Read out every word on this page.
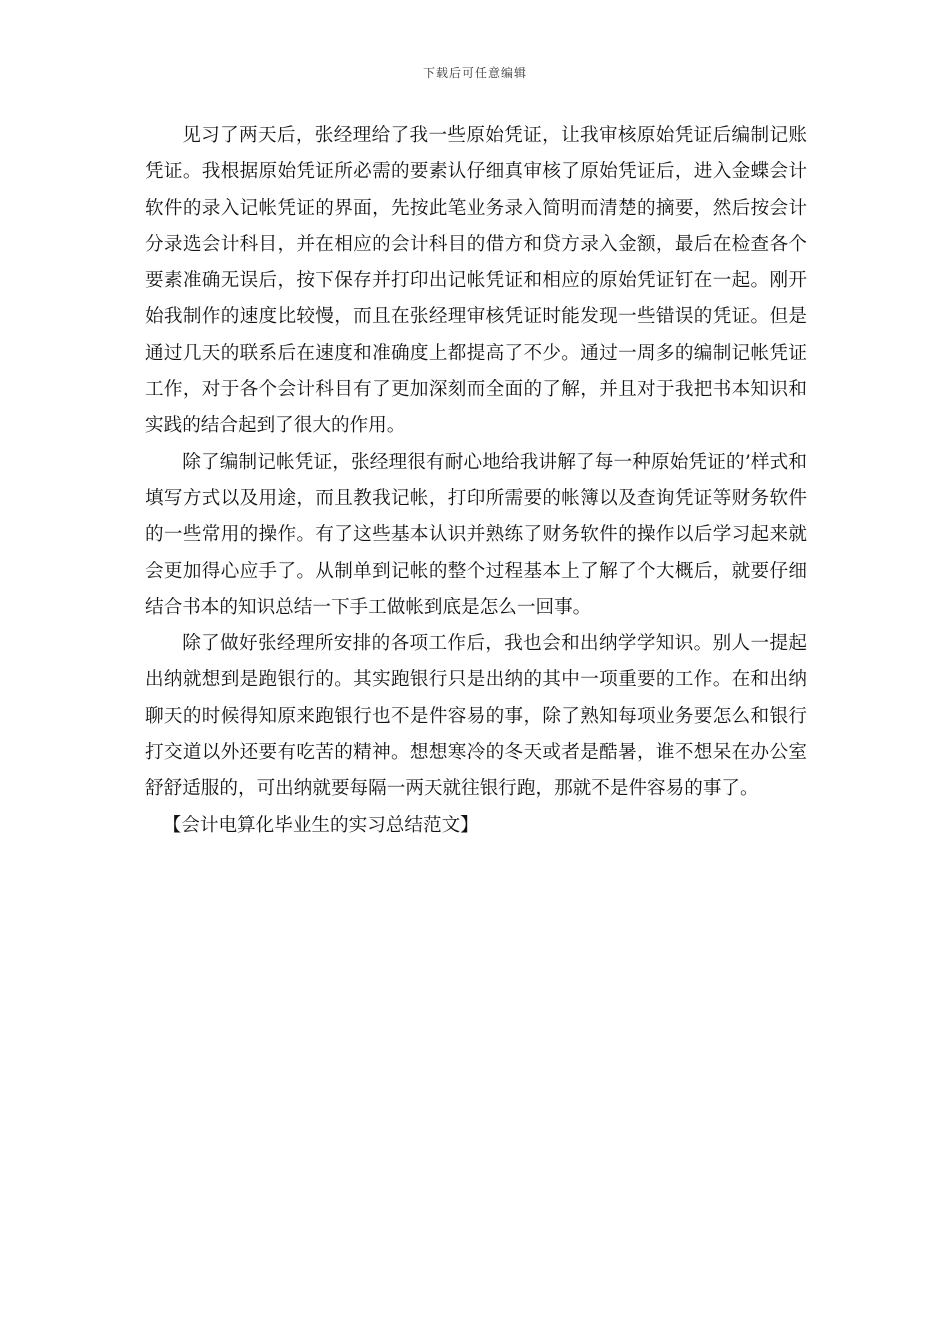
下载后可任意编辑

见习了两天后，张经理给了我一些原始凭证，让我审核原始凭证后编制记账凭证。我根据原始凭证所必需的要素认仔细真审核了原始凭证后，进入金蝶会计软件的录入记帐凭证的界面，先按此笔业务录入简明而清楚的摘要，然后按会计分录选会计科目，并在相应的会计科目的借方和贷方录入金额，最后在检查各个要素准确无误后，按下保存并打印出记帐凭证和相应的原始凭证钉在一起。刚开始我制作的速度比较慢，而且在张经理审核凭证时能发现一些错误的凭证。但是通过几天的联系后在速度和准确度上都提高了不少。通过一周多的编制记帐凭证工作，对于各个会计科目有了更加深刻而全面的了解，并且对于我把书本知识和实践的结合起到了很大的作用。

除了编制记帐凭证，张经理很有耐心地给我讲解了每一种原始凭证的’样式和填写方式以及用途，而且教我记帐，打印所需要的帐簿以及查询凭证等财务软件的一些常用的操作。有了这些基本认识并熟练了财务软件的操作以后学习起来就会更加得心应手了。从制单到记帐的整个过程基本上了解了个大概后，就要仔细结合书本的知识总结一下手工做帐到底是怎么一回事。

除了做好张经理所安排的各项工作后，我也会和出纳学学知识。别人一提起出纳就想到是跑银行的。其实跑银行只是出纳的其中一项重要的工作。在和出纳聊天的时候得知原来跑银行也不是件容易的事，除了熟知每项业务要怎么和银行打交道以外还要有吃苦的精神。想想寒冷的冬天或者是酷暑，谁不想呆在办公室舒舒适服的，可出纳就要每隔一两天就往银行跑，那就不是件容易的事了。

【会计电算化毕业生的实习总结范文】
